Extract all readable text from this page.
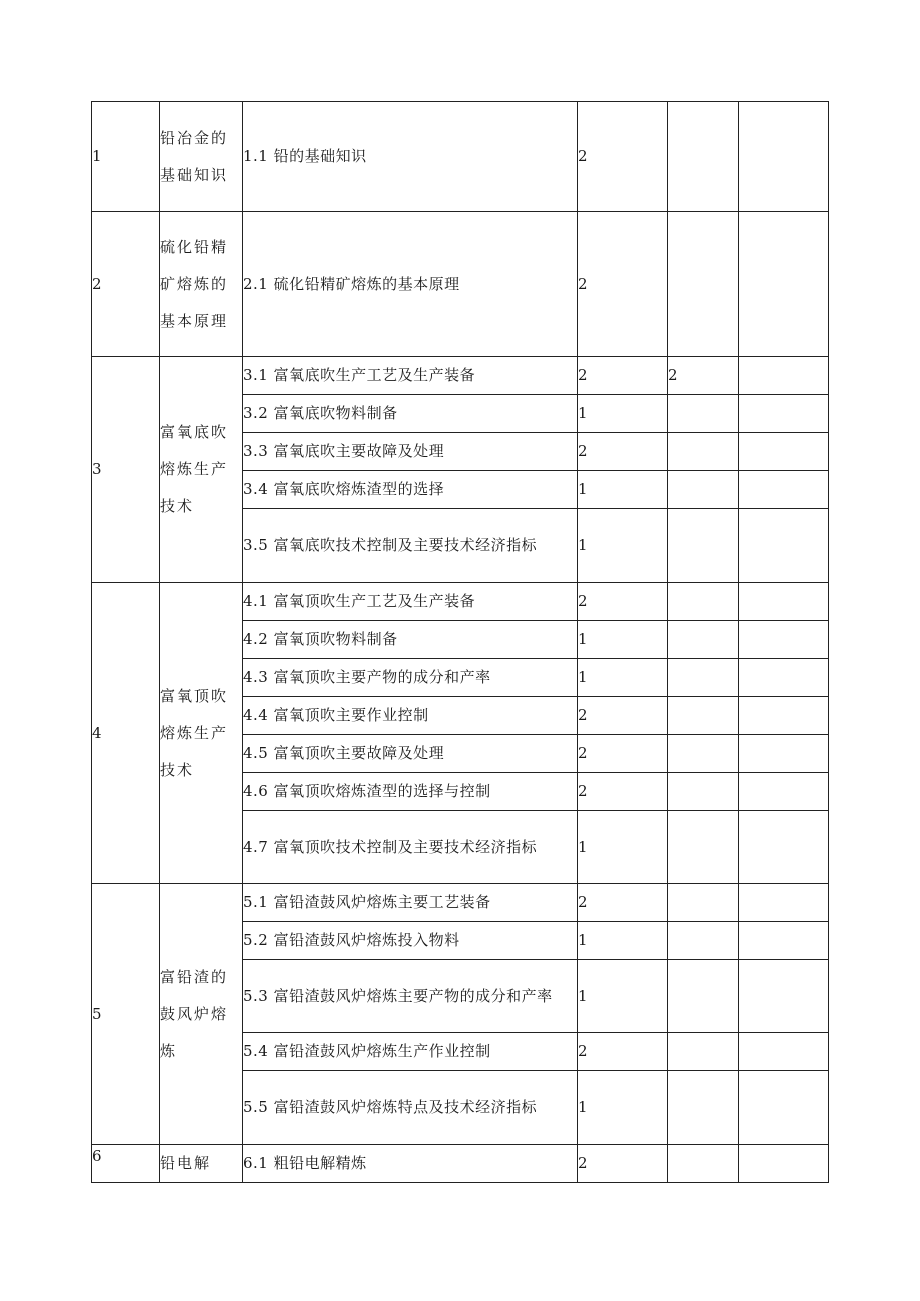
1	铅冶金的
基础知识	1.1 铅的基础知识	2		
2	硫化铅精
矿熔炼的
基本原理	2.1 硫化铅精矿熔炼的基本原理	2		
3	富氧底吹
熔炼生产
技术	3.1 富氧底吹生产工艺及生产装备	2	2	
		3.2 富氧底吹物料制备	1		
		3.3 富氧底吹主要故障及处理	2		
		3.4 富氧底吹熔炼渣型的选择	1		
		3.5 富氧底吹技术控制及主要技术经济指标	1		
4	富氧顶吹
熔炼生产
技术	4.1 富氧顶吹生产工艺及生产装备	2		
		4.2 富氧顶吹物料制备	1		
		4.3 富氧顶吹主要产物的成分和产率	1		
		4.4 富氧顶吹主要作业控制	2		
		4.5 富氧顶吹主要故障及处理	2		
		4.6 富氧顶吹熔炼渣型的选择与控制	2		
		4.7 富氧顶吹技术控制及主要技术经济指标	1		
5	富铅渣的
鼓风炉熔
炼	5.1 富铅渣鼓风炉熔炼主要工艺装备	2		
		5.2 富铅渣鼓风炉熔炼投入物料	1		

		5.3 富铅渣鼓风炉熔炼主要产物的成分和产率	1		
		5.4 富铅渣鼓风炉熔炼生产作业控制	2		
		5.5 富铅渣鼓风炉熔炼特点及技术经济指标	1		
6	铅电解	6.1 粗铅电解精炼	2		
